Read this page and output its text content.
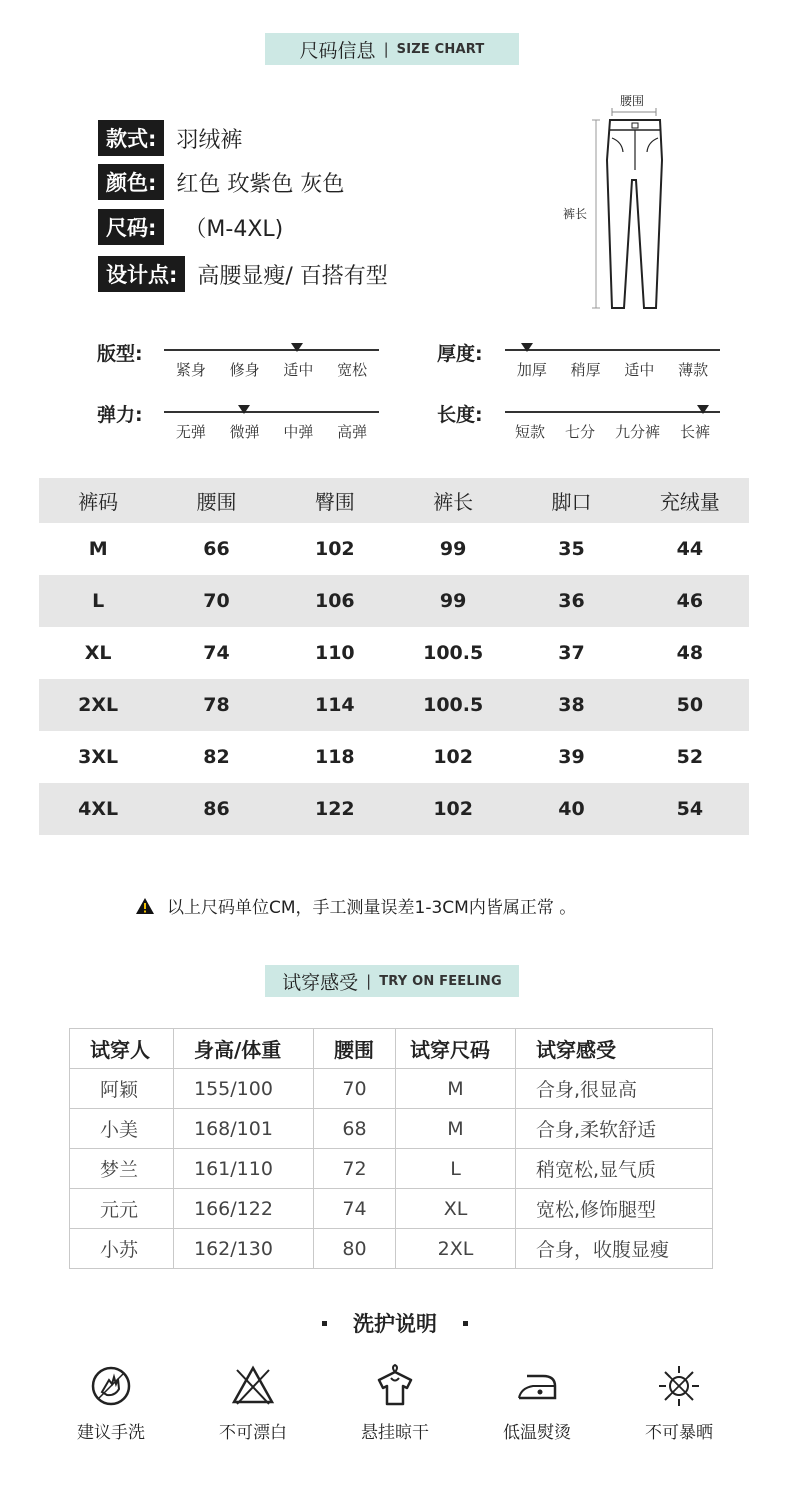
尺码信息 | SIZE CHART
款式: 羽绒裤
颜色: 红色 玫紫色 灰色
尺码:	（M-4XL)
设计点: 高腰显瘦/ 百搭有型
腰围
裤长
版型:
紧身 修身 适中 宽松
厚度:
加厚 稍厚 适中 薄款
弹力:
无弹 微弹 中弹 高弹
长度:
短款 七分 九分裤 长裤
裤码	腰围	臀围	裤长	脚口	充绒量
M	66	102	99	35	44
L	70	106	99	36	46
XL	74	110	100.5	37	48
2XL	78	114	100.5	38	50
3XL	82	118	102	39	52
4XL	86	122	102	40	54
以上尺码单位CM，手工测量误差1-3CM内皆属正常 。
试穿感受 | TRY ON FEELING
试穿人	身高/体重	腰围	试穿尺码	试穿感受
阿颖	155/100	70	M	合身,很显高
小美	168/101	68	M	合身,柔软舒适
梦兰	161/110	72	L	稍宽松,显气质
元元	166/122	74	XL	宽松,修饰腿型
小苏	162/130	80	2XL	合身，收腹显瘦
洗护说明
建议手洗	不可漂白	悬挂晾干	低温熨烫	不可暴晒
